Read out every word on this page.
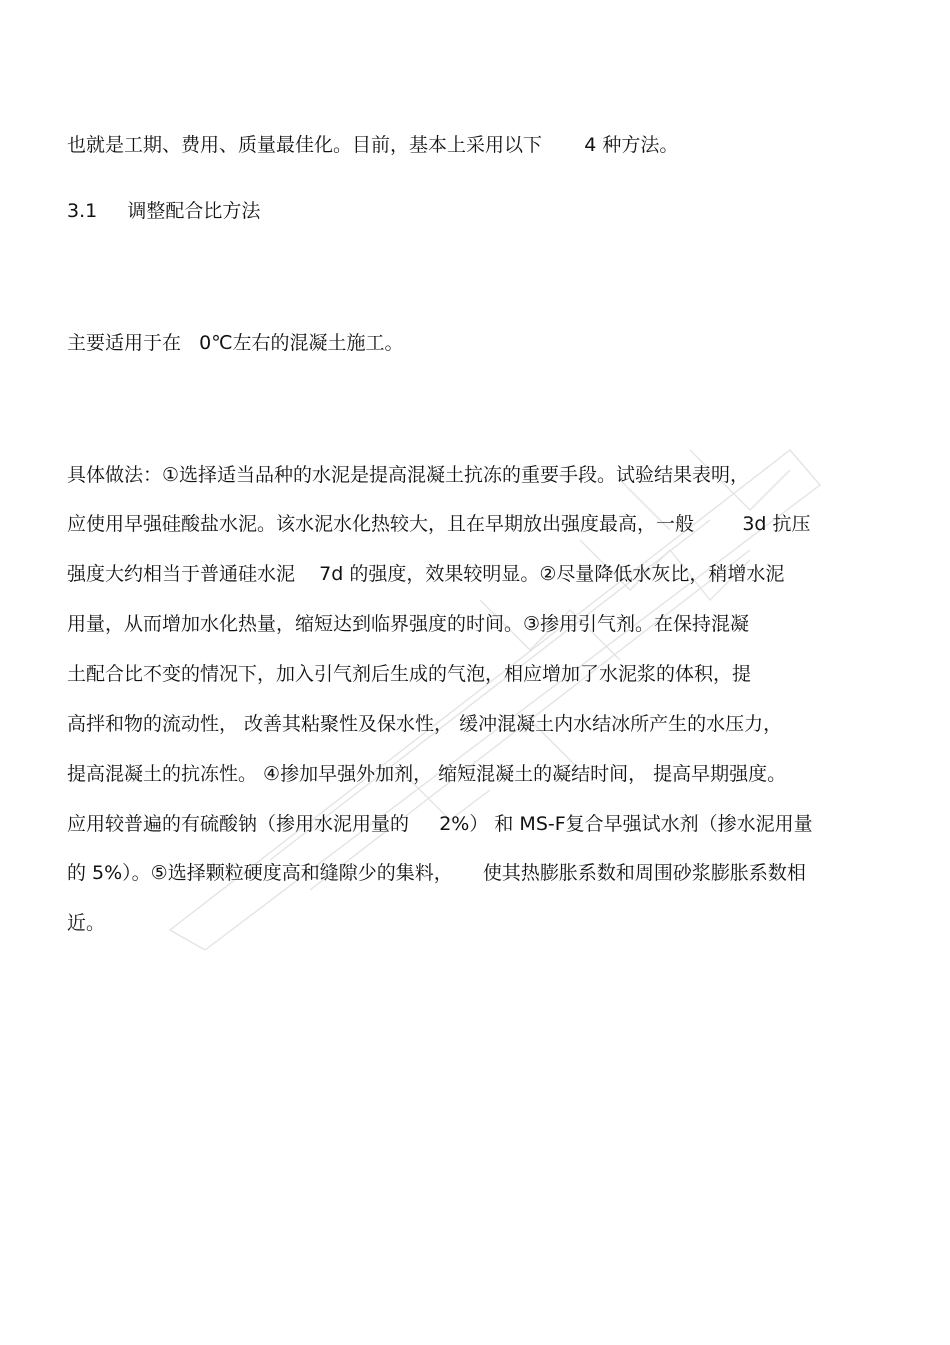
也就是工期、费用、质量最佳化。目前，基本上采用以下       4 种方法。
3.1     调整配合比方法
主要适用于在   0℃左右的混凝土施工。
具体做法：①选择适当品种的水泥是提高混凝土抗冻的重要手段。试验结果表明，
应使用早强硅酸盐水泥。该水泥水化热较大，且在早期放出强度最高，一般        3d 抗压
强度大约相当于普通硅水泥    7d 的强度，效果较明显。②尽量降低水灰比，稍增水泥
用量，从而增加水化热量，缩短达到临界强度的时间。③掺用引气剂。在保持混凝
土配合比不变的情况下，加入引气剂后生成的气泡，相应增加了水泥浆的体积，提
高拌和物的流动性， 改善其粘聚性及保水性， 缓冲混凝土内水结冰所产生的水压力，
提高混凝土的抗冻性。 ④掺加早强外加剂， 缩短混凝土的凝结时间， 提高早期强度。
应用较普遍的有硫酸钠（掺用水泥用量的     2%） 和 MS-F复合早强试水剂（掺水泥用量
的 5%）。⑤选择颗粒硬度高和缝隙少的集料，     使其热膨胀系数和周围砂浆膨胀系数相
近。
